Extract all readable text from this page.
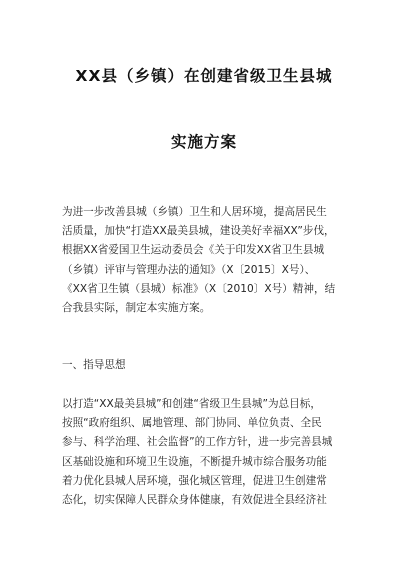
XX县（乡镇）在创建省级卫生县城
实施方案
为进一步改善县城（乡镇）卫生和人居环境，提高居民生
活质量，加快“打造XX最美县城，建设美好幸福XX”步伐，
根据XX省爱国卫生运动委员会《关于印发XX省卫生县城
（乡镇）评审与管理办法的通知》（X〔2015〕X号）、
《XX省卫生镇（县城）标准》（X〔2010〕X号）精神，结
合我县实际，制定本实施方案。
一、指导思想
以打造“XX最美县城”和创建“省级卫生县城”为总目标，
按照“政府组织、属地管理、部门协同、单位负责、全民
参与、科学治理、社会监督”的工作方针，进一步完善县城
区基础设施和环境卫生设施，不断提升城市综合服务功能
着力优化县城人居环境，强化城区管理，促进卫生创建常
态化，切实保障人民群众身体健康，有效促进全县经济社
